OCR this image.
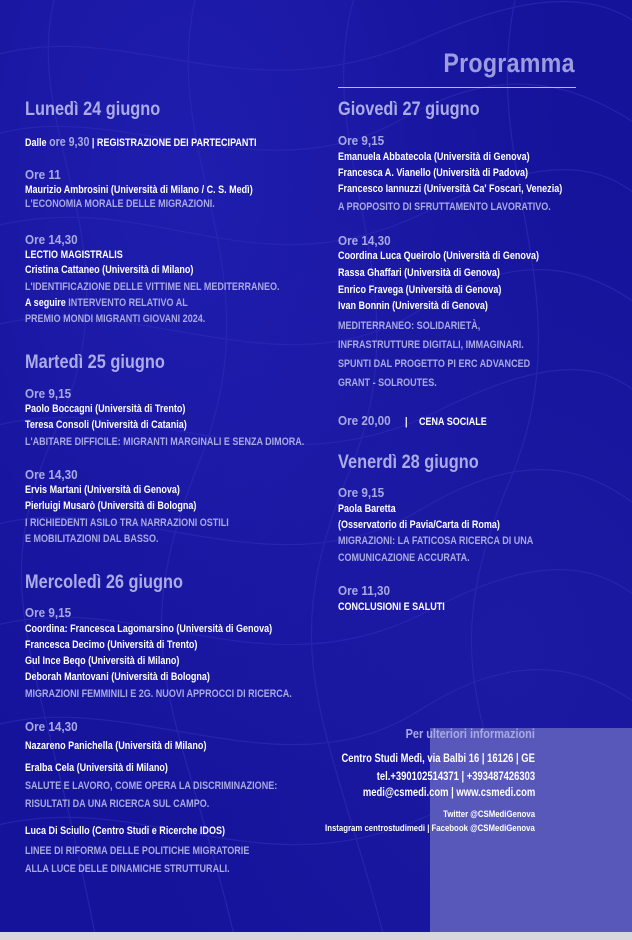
Programma
Lunedì 24 giugno
Dalle ore 9,30 | REGISTRAZIONE DEI PARTECIPANTI
Ore 11
Maurizio Ambrosini (Università di Milano / C. S. Medì)
L'ECONOMIA MORALE DELLE MIGRAZIONI.
Ore 14,30
LECTIO MAGISTRALIS
Cristina Cattaneo (Università di Milano)
L'IDENTIFICAZIONE DELLE VITTIME NEL MEDITERRANEO.
A seguire INTERVENTO RELATIVO AL
PREMIO MONDI MIGRANTI GIOVANI 2024.
Martedì 25 giugno
Ore 9,15
Paolo Boccagni (Università di Trento)
Teresa Consoli (Università di Catania)
L'ABITARE DIFFICILE: MIGRANTI MARGINALI E SENZA DIMORA.
Ore 14,30
Ervis Martani (Università di Genova)
Pierluigi Musarò (Università di Bologna)
I RICHIEDENTI ASILO TRA NARRAZIONI OSTILI
E MOBILITAZIONI DAL BASSO.
Mercoledì 26 giugno
Ore 9,15
Coordina: Francesca Lagomarsino (Università di Genova)
Francesca Decimo (Università di Trento)
Gul Ince Beqo (Università di Milano)
Deborah Mantovani (Università di Bologna)
MIGRAZIONI FEMMINILI E 2G. NUOVI APPROCCI DI RICERCA.
Ore 14,30
Nazareno Panichella (Università di Milano)
Eralba Cela (Università di Milano)
SALUTE E LAVORO, COME OPERA LA DISCRIMINAZIONE:
RISULTATI DA UNA RICERCA SUL CAMPO.
Luca Di Sciullo (Centro Studi e Ricerche IDOS)
LINEE DI RIFORMA DELLE POLITICHE MIGRATORIE
ALLA LUCE DELLE DINAMICHE STRUTTURALI.
Giovedì 27 giugno
Ore 9,15
Emanuela Abbatecola (Università di Genova)
Francesca A. Vianello (Università di Padova)
Francesco Iannuzzi (Università Ca' Foscari, Venezia)
A PROPOSITO DI SFRUTTAMENTO LAVORATIVO.
Ore 14,30
Coordina Luca Queirolo (Università di Genova)
Rassa Ghaffari (Università di Genova)
Enrico Fravega (Università di Genova)
Ivan Bonnin (Università di Genova)
MEDITERRANEO: SOLIDARIETÀ,
INFRASTRUTTURE DIGITALI, IMMAGINARI.
SPUNTI DAL PROGETTO PI ERC ADVANCED
GRANT - SOLROUTES.
Ore 20,00 | CENA SOCIALE
Venerdì 28 giugno
Ore 9,15
Paola Baretta
(Osservatorio di Pavia/Carta di Roma)
MIGRAZIONI: LA FATICOSA RICERCA DI UNA
COMUNICAZIONE ACCURATA.
Ore 11,30
CONCLUSIONI E SALUTI
Per ulteriori informazioni
Centro Studi Medì, via Balbi 16 | 16126 | GE
tel.+390102514371 | +393487426303
medi@csmedi.com | www.csmedi.com
Twitter @CSMediGenova
Instagram centrostudimedi | Facebook @CSMediGenova
